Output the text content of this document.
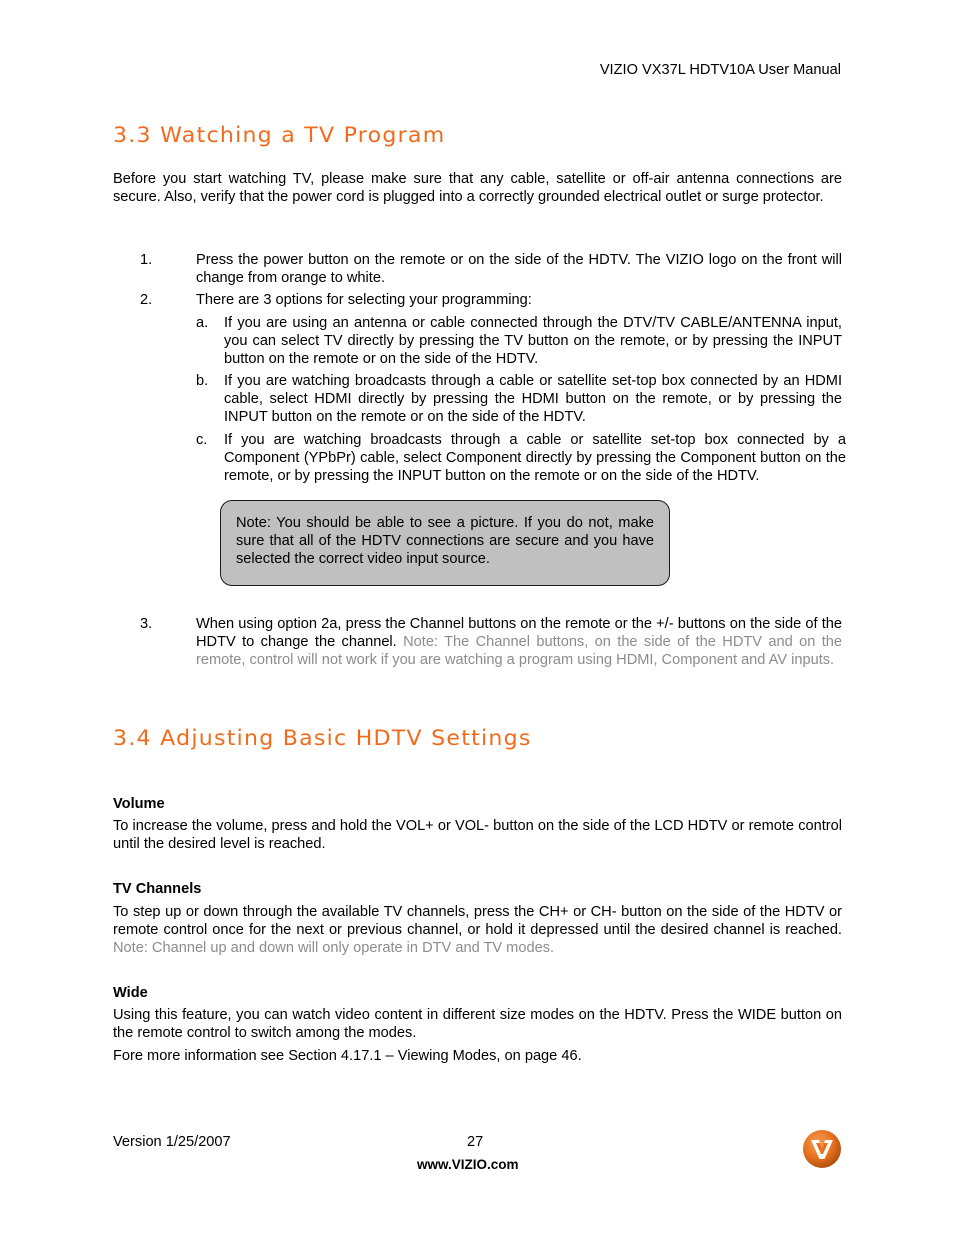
VIZIO VX37L HDTV10A User Manual
3.3 Watching a TV Program
Before you start watching TV, please make sure that any cable, satellite or off-air antenna connections are secure. Also, verify that the power cord is plugged into a correctly grounded electrical outlet or surge protector.
1.	Press the power button on the remote or on the side of the HDTV. The VIZIO logo on the front will change from orange to white.
2.	There are 3 options for selecting your programming:
a.	If you are using an antenna or cable connected through the DTV/TV CABLE/ANTENNA input, you can select TV directly by pressing the TV button on the remote, or by pressing the INPUT button on the remote or on the side of the HDTV.
b.	If you are watching broadcasts through a cable or satellite set-top box connected by an HDMI cable, select HDMI directly by pressing the HDMI button on the remote, or by pressing the INPUT button on the remote or on the side of the HDTV.
c.	If you are watching broadcasts through a cable or satellite set-top box connected by a Component (YPbPr) cable, select Component directly by pressing the Component button on the remote, or by pressing the INPUT button on the remote or on the side of the HDTV.
Note: You should be able to see a picture. If you do not, make sure that all of the HDTV connections are secure and you have selected the correct video input source.
3.	When using option 2a, press the Channel buttons on the remote or the +/- buttons on the side of the HDTV to change the channel. Note: The Channel buttons, on the side of the HDTV and on the remote, control will not work if you are watching a program using HDMI, Component and AV inputs.
3.4 Adjusting Basic HDTV Settings
Volume
To increase the volume, press and hold the VOL+ or VOL- button on the side of the LCD HDTV or remote control until the desired level is reached.
TV Channels
To step up or down through the available TV channels, press the CH+ or CH- button on the side of the HDTV or remote control once for the next or previous channel, or hold it depressed until the desired channel is reached. Note: Channel up and down will only operate in DTV and TV modes.
Wide
Using this feature, you can watch video content in different size modes on the HDTV. Press the WIDE button on the remote control to switch among the modes.
Fore more information see Section 4.17.1 – Viewing Modes, on page 46.
Version 1/25/2007	27
www.VIZIO.com
